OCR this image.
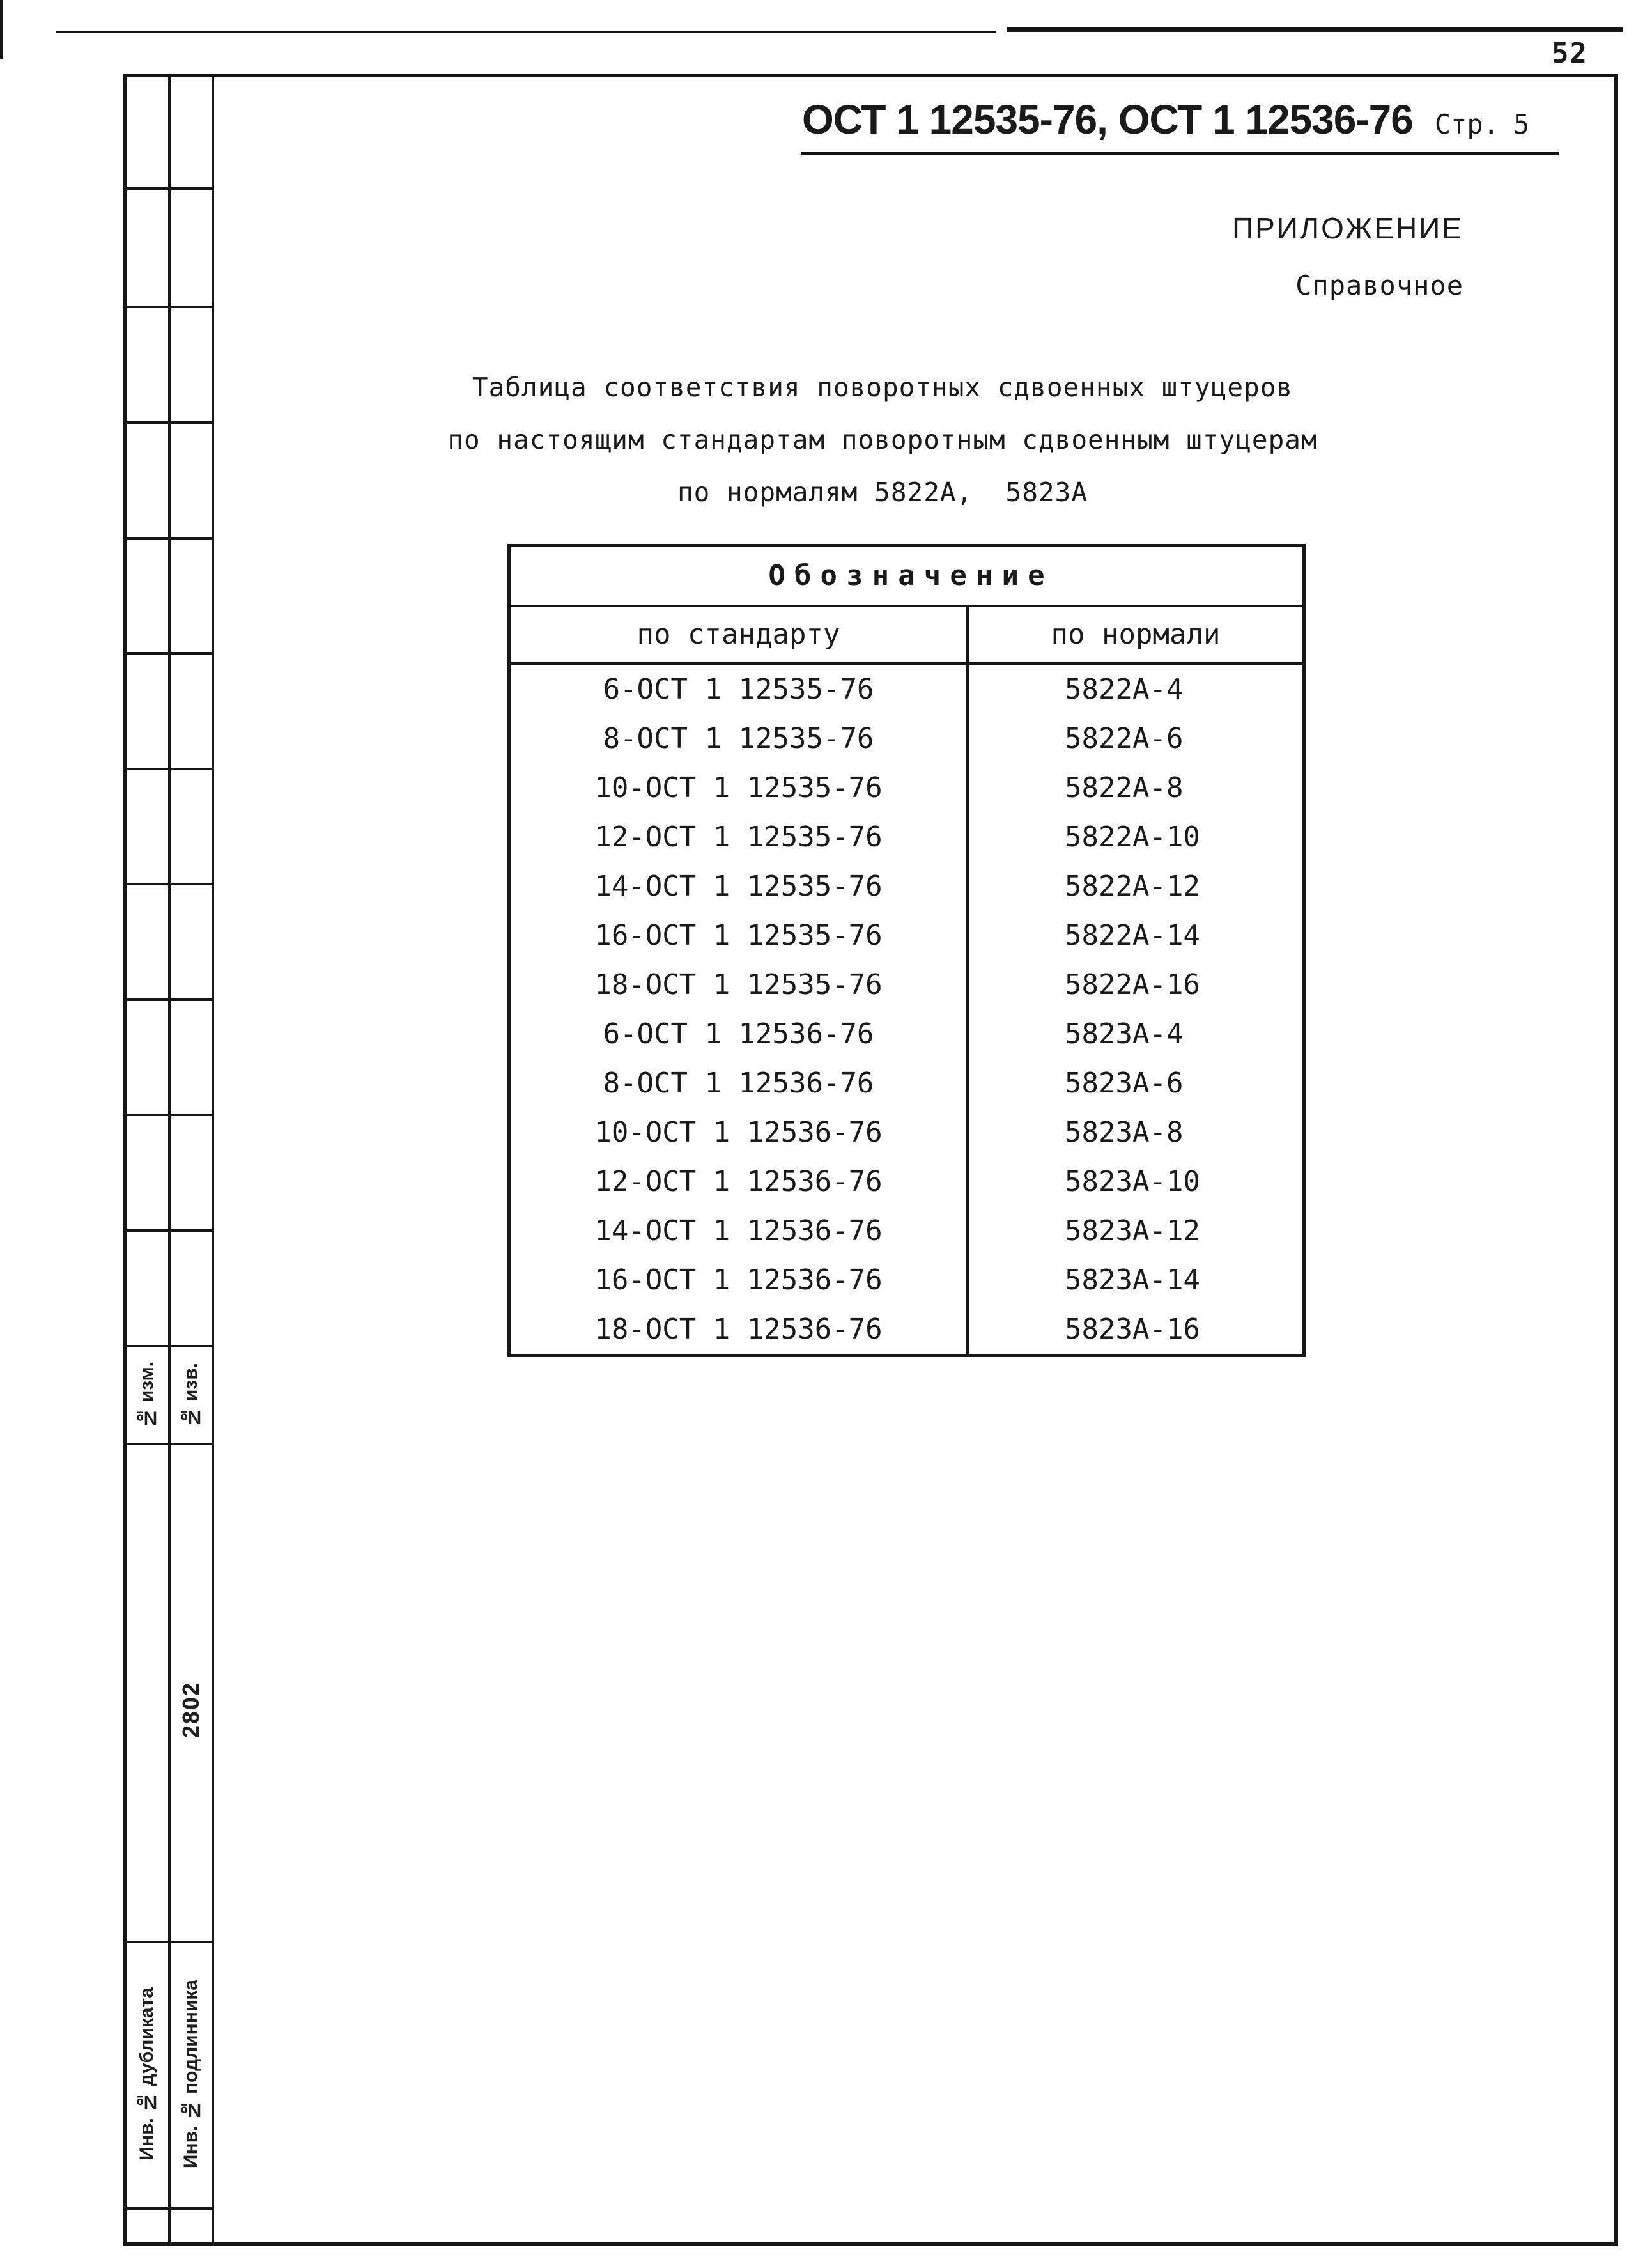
52
№ изм. № изв.
2802
Инв. № дубликата Инв. № подлинника
ОСТ 1 12535-76, ОСТ 1 12536-76 Стр. 5
ПРИЛОЖЕНИЕ
Справочное
Таблица соответствия поворотных сдвоенных штуцеров
по настоящим стандартам поворотным сдвоенным штуцерам
по нормалям 5822А,  5823А
Обозначение
по стандарту	по нормали
6-ОСТ 1 12535-76	5822А-4
8-ОСТ 1 12535-76	5822А-6
10-ОСТ 1 12535-76	5822А-8
12-ОСТ 1 12535-76	5822А-10
14-ОСТ 1 12535-76	5822А-12
16-ОСТ 1 12535-76	5822А-14
18-ОСТ 1 12535-76	5822А-16
6-ОСТ 1 12536-76	5823А-4
8-ОСТ 1 12536-76	5823А-6
10-ОСТ 1 12536-76	5823А-8
12-ОСТ 1 12536-76	5823А-10
14-ОСТ 1 12536-76	5823А-12
16-ОСТ 1 12536-76	5823А-14
18-ОСТ 1 12536-76	5823А-16
